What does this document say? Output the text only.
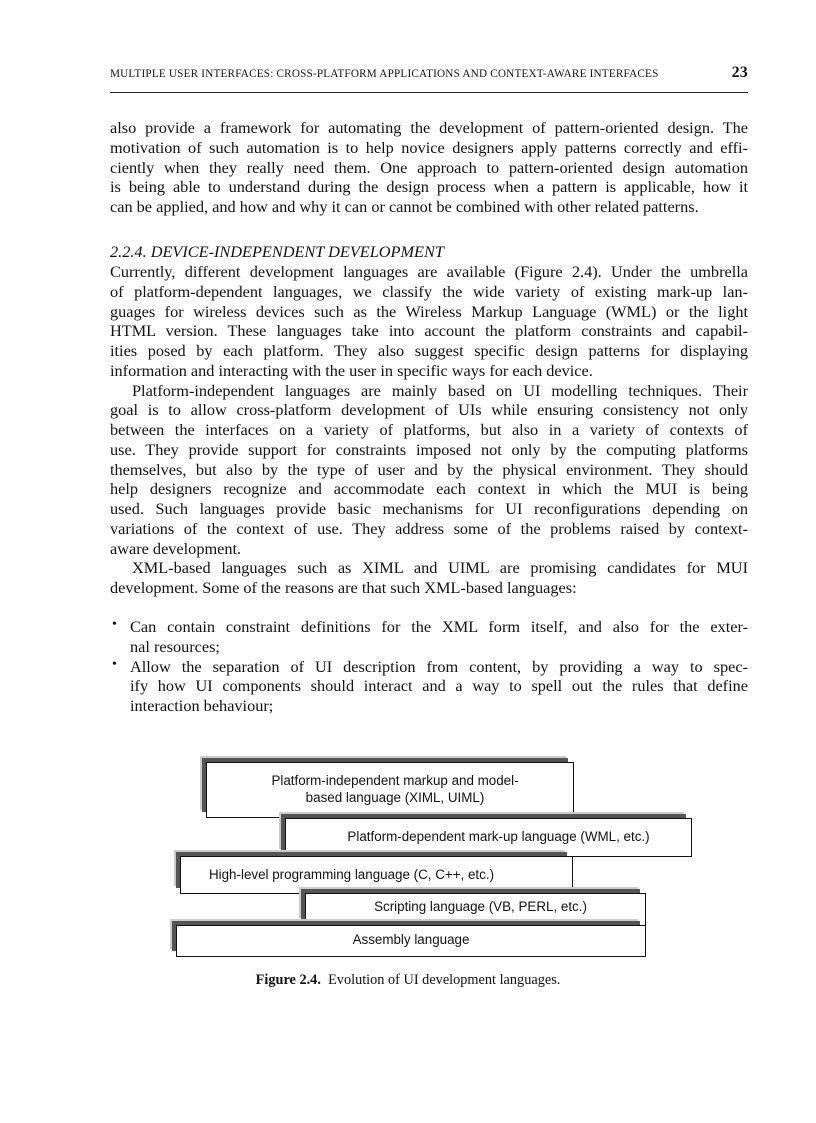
MULTIPLE USER INTERFACES: CROSS-PLATFORM APPLICATIONS AND CONTEXT-AWARE INTERFACES	23
also provide a framework for automating the development of pattern-oriented design. The
motivation of such automation is to help novice designers apply patterns correctly and effi-
ciently when they really need them. One approach to pattern-oriented design automation
is being able to understand during the design process when a pattern is applicable, how it
can be applied, and how and why it can or cannot be combined with other related patterns.
2.2.4. DEVICE-INDEPENDENT DEVELOPMENT
Currently, different development languages are available (Figure 2.4). Under the umbrella
of platform-dependent languages, we classify the wide variety of existing mark-up lan-
guages for wireless devices such as the Wireless Markup Language (WML) or the light
HTML version. These languages take into account the platform constraints and capabil-
ities posed by each platform. They also suggest specific design patterns for displaying
information and interacting with the user in specific ways for each device.
Platform-independent languages are mainly based on UI modelling techniques. Their
goal is to allow cross-platform development of UIs while ensuring consistency not only
between the interfaces on a variety of platforms, but also in a variety of contexts of
use. They provide support for constraints imposed not only by the computing platforms
themselves, but also by the type of user and by the physical environment. They should
help designers recognize and accommodate each context in which the MUI is being
used. Such languages provide basic mechanisms for UI reconfigurations depending on
variations of the context of use. They address some of the problems raised by context-
aware development.
XML-based languages such as XIML and UIML are promising candidates for MUI
development. Some of the reasons are that such XML-based languages:
• Can contain constraint definitions for the XML form itself, and also for the exter-
nal resources;
• Allow the separation of UI description from content, by providing a way to spec-
ify how UI components should interact and a way to spell out the rules that define
interaction behaviour;
Platform-independent markup and model-based language (XIML, UIML)
Platform-dependent mark-up language (WML, etc.)
High-level programming language (C, C++, etc.)
Scripting language (VB, PERL, etc.)
Assembly language
Figure 2.4. Evolution of UI development languages.
